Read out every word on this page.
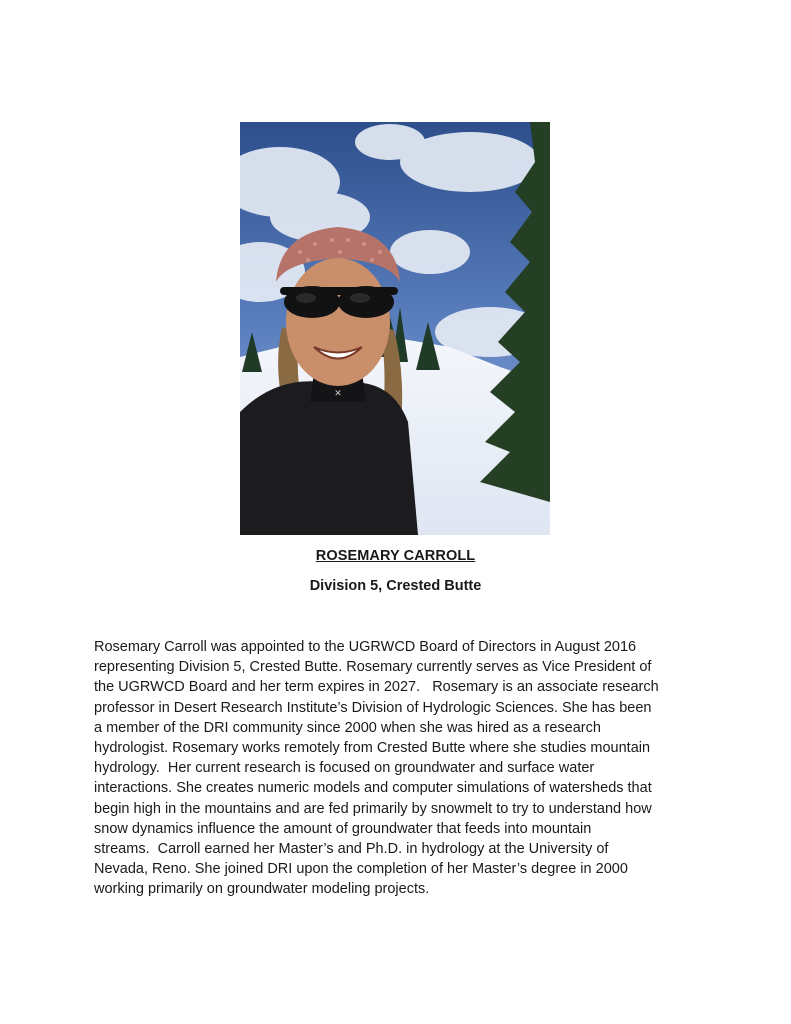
✕
ROSEMARY CARROLL
Division 5, Crested Butte

Rosemary Carroll was appointed to the UGRWCD Board of Directors in August 2016
representing Division 5, Crested Butte. Rosemary currently serves as Vice President of
the UGRWCD Board and her term expires in 2027.   Rosemary is an associate research
professor in Desert Research Institute’s Division of Hydrologic Sciences. She has been
a member of the DRI community since 2000 when she was hired as a research
hydrologist. Rosemary works remotely from Crested Butte where she studies mountain
hydrology.  Her current research is focused on groundwater and surface water
interactions. She creates numeric models and computer simulations of watersheds that
begin high in the mountains and are fed primarily by snowmelt to try to understand how
snow dynamics influence the amount of groundwater that feeds into mountain
streams.  Carroll earned her Master’s and Ph.D. in hydrology at the University of
Nevada, Reno. She joined DRI upon the completion of her Master’s degree in 2000
working primarily on groundwater modeling projects.
